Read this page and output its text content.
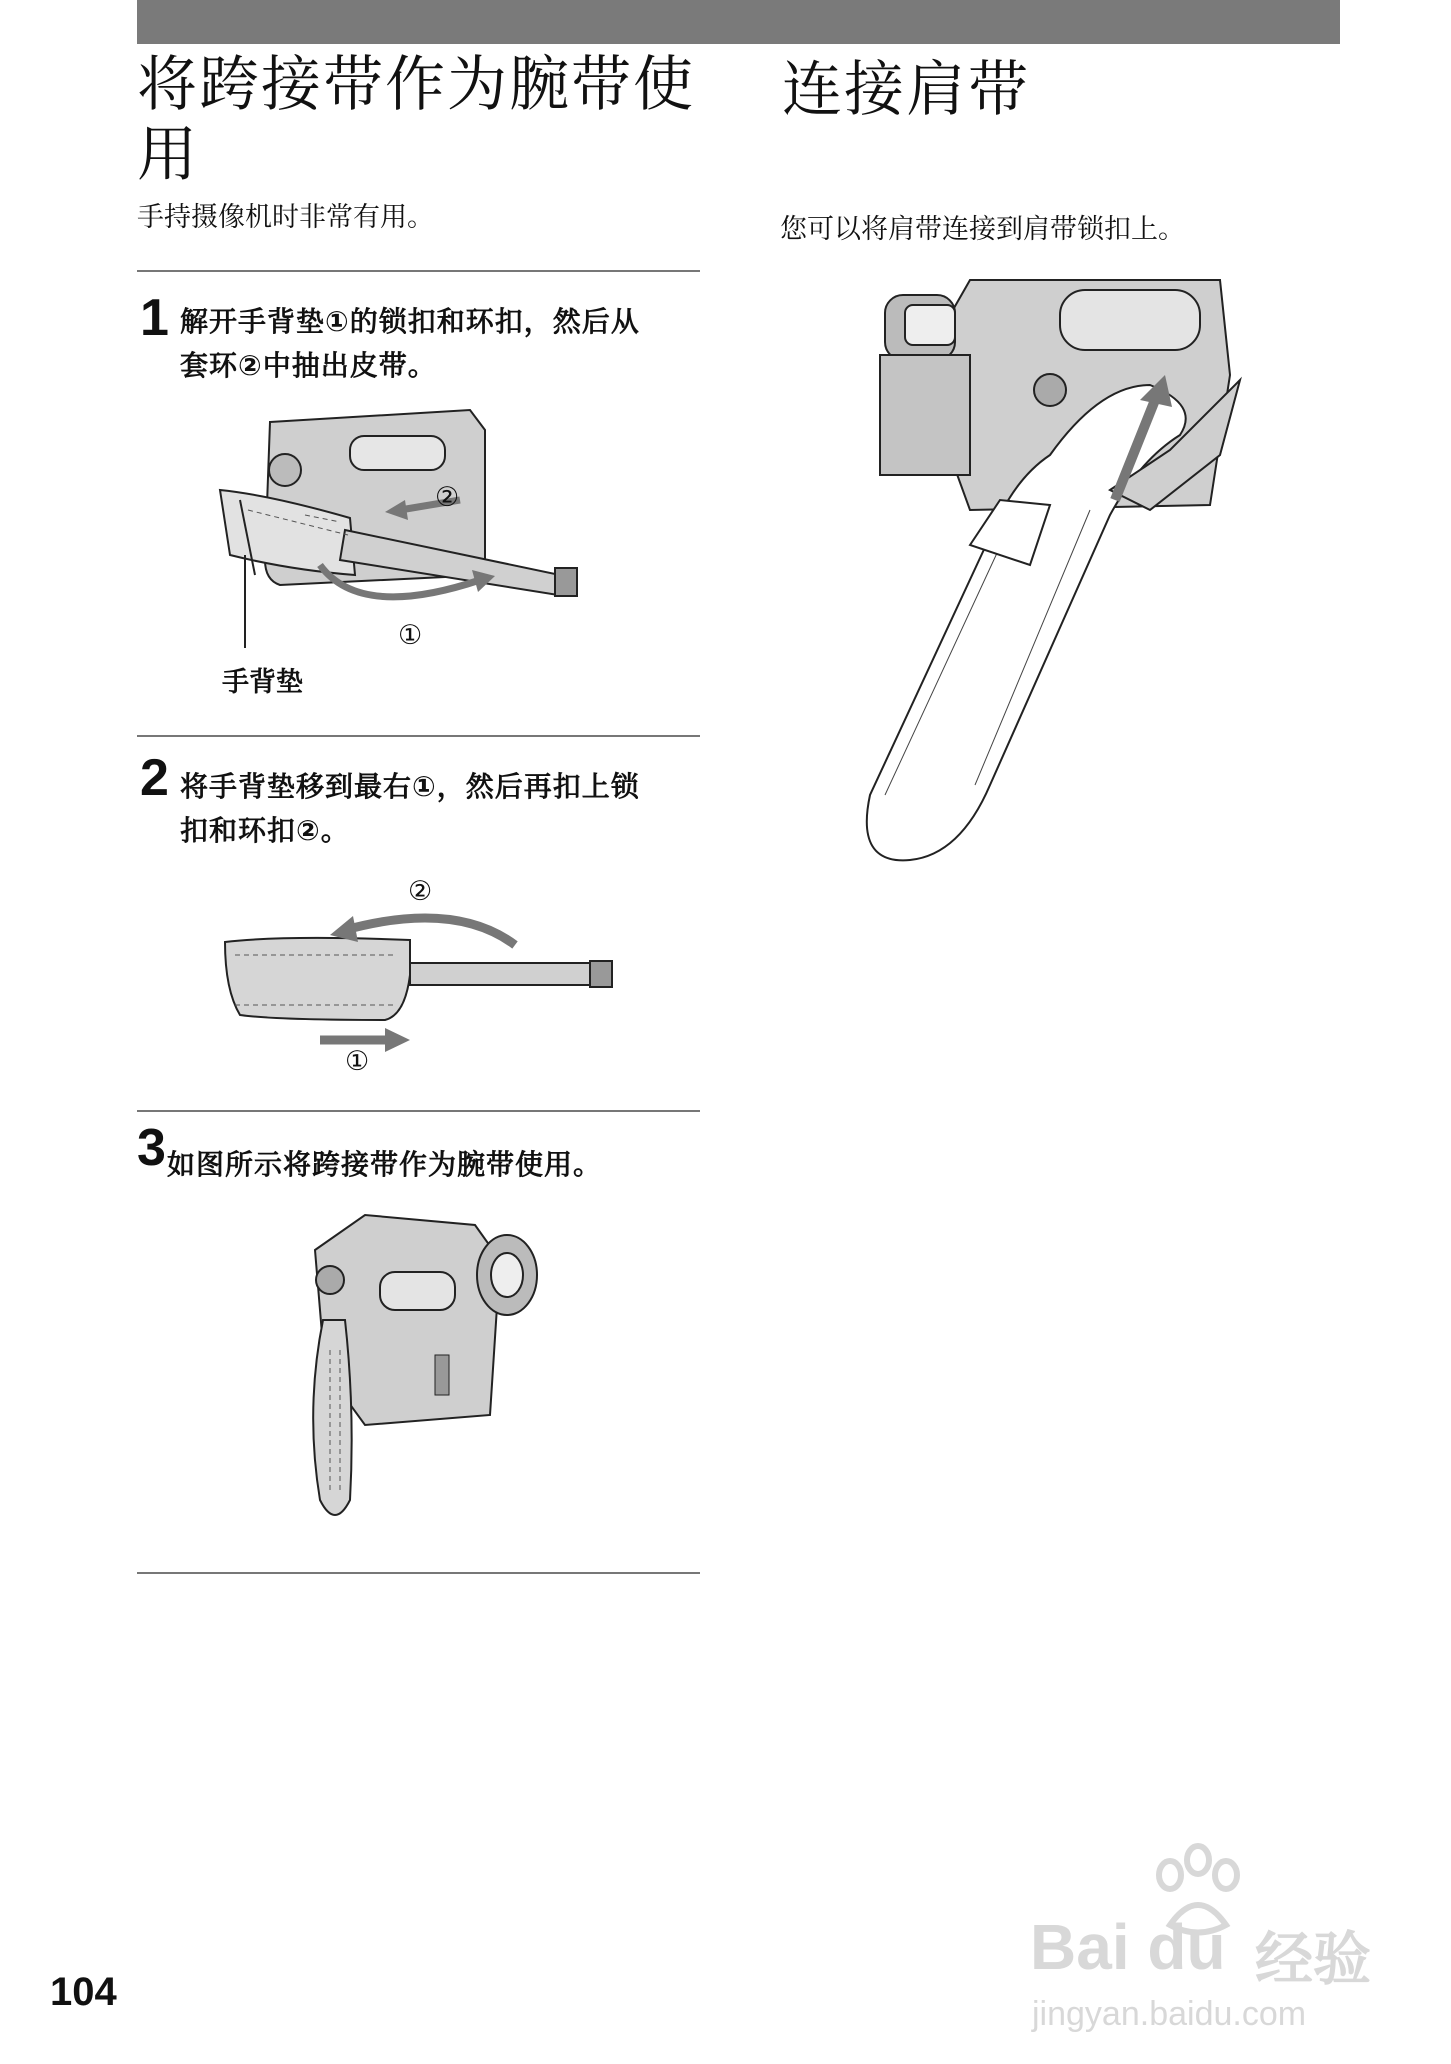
将跨接带作为腕带使用
手持摄像机时非常有用。
1 解开手背垫①的锁扣和环扣，然后从
套环②中抽出皮带。
②
①
手背垫
2 将手背垫移到最右①，然后再扣上锁
扣和环扣②。
②
①
3 如图所示将跨接带作为腕带使用。
连接肩带
您可以将肩带连接到肩带锁扣上。
104
Bai du 经验
jingyan.baidu.com
